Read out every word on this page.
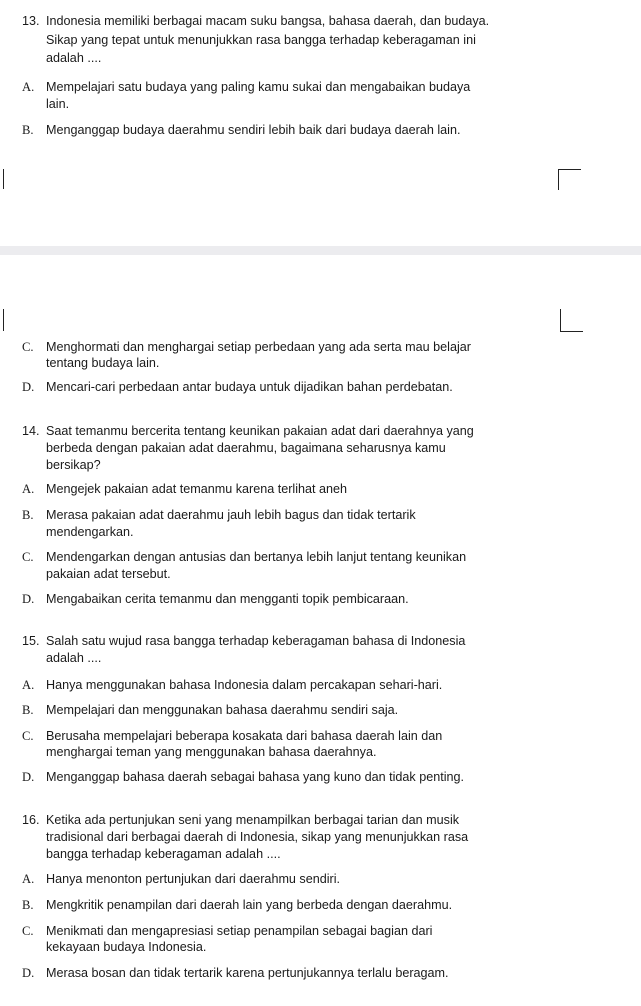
13. Indonesia memiliki berbagai macam suku bangsa, bahasa daerah, dan budaya.
Sikap yang tepat untuk menunjukkan rasa bangga terhadap keberagaman ini
adalah ....
A. Mempelajari satu budaya yang paling kamu sukai dan mengabaikan budaya
lain.
B. Menganggap budaya daerahmu sendiri lebih baik dari budaya daerah lain.
C. Menghormati dan menghargai setiap perbedaan yang ada serta mau belajar
tentang budaya lain.
D. Mencari-cari perbedaan antar budaya untuk dijadikan bahan perdebatan.
14. Saat temanmu bercerita tentang keunikan pakaian adat dari daerahnya yang
berbeda dengan pakaian adat daerahmu, bagaimana seharusnya kamu
bersikap?
A. Mengejek pakaian adat temanmu karena terlihat aneh
B. Merasa pakaian adat daerahmu jauh lebih bagus dan tidak tertarik
mendengarkan.
C. Mendengarkan dengan antusias dan bertanya lebih lanjut tentang keunikan
pakaian adat tersebut.
D. Mengabaikan cerita temanmu dan mengganti topik pembicaraan.
15. Salah satu wujud rasa bangga terhadap keberagaman bahasa di Indonesia
adalah ....
A. Hanya menggunakan bahasa Indonesia dalam percakapan sehari-hari.
B. Mempelajari dan menggunakan bahasa daerahmu sendiri saja.
C. Berusaha mempelajari beberapa kosakata dari bahasa daerah lain dan
menghargai teman yang menggunakan bahasa daerahnya.
D. Menganggap bahasa daerah sebagai bahasa yang kuno dan tidak penting.
16. Ketika ada pertunjukan seni yang menampilkan berbagai tarian dan musik
tradisional dari berbagai daerah di Indonesia, sikap yang menunjukkan rasa
bangga terhadap keberagaman adalah ....
A. Hanya menonton pertunjukan dari daerahmu sendiri.
B. Mengkritik penampilan dari daerah lain yang berbeda dengan daerahmu.
C. Menikmati dan mengapresiasi setiap penampilan sebagai bagian dari
kekayaan budaya Indonesia.
D. Merasa bosan dan tidak tertarik karena pertunjukannya terlalu beragam.
